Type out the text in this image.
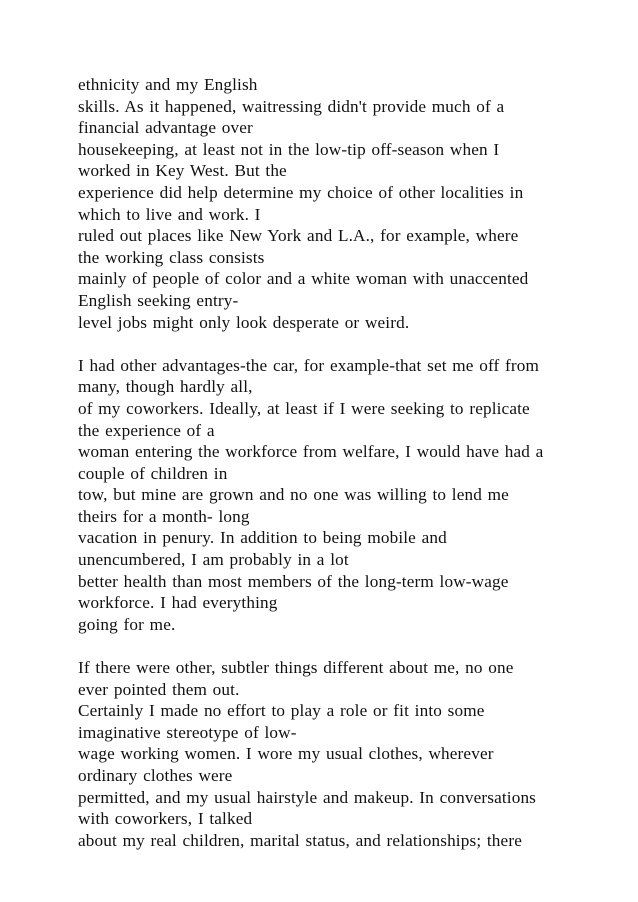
ethnicity and my English
skills. As it happened, waitressing didn't provide much of a
financial advantage over
housekeeping, at least not in the low-tip off-season when I
worked in Key West. But the
experience did help determine my choice of other localities in
which to live and work. I
ruled out places like New York and L.A., for example, where
the working class consists
mainly of people of color and a white woman with unaccented
English seeking entry-
level jobs might only look desperate or weird.
I had other advantages-the car, for example-that set me off from
many, though hardly all,
of my coworkers. Ideally, at least if I were seeking to replicate
the experience of a
woman entering the workforce from welfare, I would have had a
couple of children in
tow, but mine are grown and no one was willing to lend me
theirs for a month- long
vacation in penury. In addition to being mobile and
unencumbered, I am probably in a lot
better health than most members of the long-term low-wage
workforce. I had everything
going for me.
If there were other, subtler things different about me, no one
ever pointed them out.
Certainly I made no effort to play a role or fit into some
imaginative stereotype of low-
wage working women. I wore my usual clothes, wherever
ordinary clothes were
permitted, and my usual hairstyle and makeup. In conversations
with coworkers, I talked
about my real children, marital status, and relationships; there
